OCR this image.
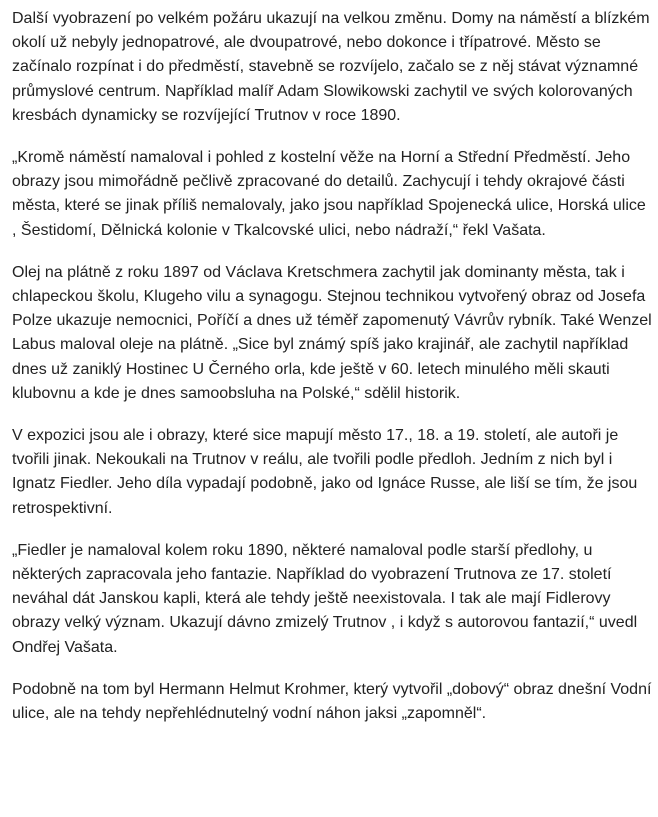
Další vyobrazení po velkém požáru ukazují na velkou změnu. Domy na náměstí a blízkém okolí už nebyly jednopatrové, ale dvoupatrové, nebo dokonce i třípatrové. Město se začínalo rozpínat i do předměstí, stavebně se rozvíjelo, začalo se z něj stávat významné průmyslové centrum. Například malíř Adam Slowikowski zachytil ve svých kolorovaných kresbách dynamicky se rozvíjející Trutnov v roce 1890.

„Kromě náměstí namaloval i pohled z kostelní věže na Horní a Střední Předměstí. Jeho obrazy jsou mimořádně pečlivě zpracované do detailů. Zachycují i tehdy okrajové části města, které se jinak příliš nemalovaly, jako jsou například Spojenecká ulice, Horská ulice , Šestidomí, Dělnická kolonie v Tkalcovské ulici, nebo nádraží,“ řekl Vašata.

Olej na plátně z roku 1897 od Václava Kretschmera zachytil jak dominanty města, tak i chlapeckou školu, Klugeho vilu a synagogu. Stejnou technikou vytvořený obraz od Josefa Polze ukazuje nemocnici, Poříčí a dnes už téměř zapomenutý Vávrův rybník. Také Wenzel Labus maloval oleje na plátně. „Sice byl známý spíš jako krajinář, ale zachytil například dnes už zaniklý Hostinec U Černého orla, kde ještě v 60. letech minulého měli skauti klubovnu a kde je dnes samoobsluha na Polské,“ sdělil historik.

V expozici jsou ale i obrazy, které sice mapují město 17., 18. a 19. století, ale autoři je tvořili jinak. Nekoukali na Trutnov v reálu, ale tvořili podle předloh. Jedním z nich byl i Ignatz Fiedler. Jeho díla vypadají podobně, jako od Ignáce Russe, ale liší se tím, že jsou retrospektivní.

„Fiedler je namaloval kolem roku 1890, některé namaloval podle starší předlohy, u některých zapracovala jeho fantazie. Například do vyobrazení Trutnova ze 17. století neváhal dát Janskou kapli, která ale tehdy ještě neexistovala. I tak ale mají Fidlerovy obrazy velký význam. Ukazují dávno zmizelý Trutnov , i když s autorovou fantazií,“ uvedl Ondřej Vašata.

Podobně na tom byl Hermann Helmut Krohmer, který vytvořil „dobový“ obraz dnešní Vodní ulice, ale na tehdy nepřehlédnutelný vodní náhon jaksi „zapomněl“.
